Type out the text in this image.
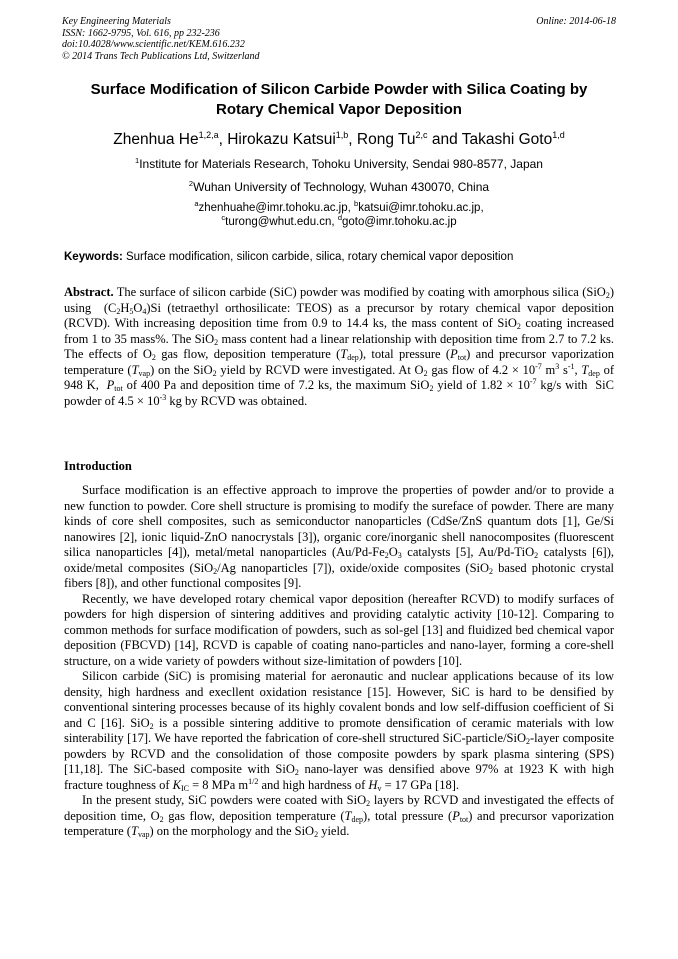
Key Engineering Materials
ISSN: 1662-9795, Vol. 616, pp 232-236
doi:10.4028/www.scientific.net/KEM.616.232
© 2014 Trans Tech Publications Ltd, Switzerland
Online: 2014-06-18
Surface Modification of Silicon Carbide Powder with Silica Coating by
Rotary Chemical Vapor Deposition
Zhenhua He$^{1,2,a}$, Hirokazu Katsui$^{1,b}$, Rong Tu$^{2,c}$ and Takashi Goto$^{1,d}$
$^1$Institute for Materials Research, Tohoku University, Sendai 980-8577, Japan
$^2$Wuhan University of Technology, Wuhan 430070, China
$^a$zhenhuahe@imr.tohoku.ac.jp, $^b$katsui@imr.tohoku.ac.jp,
$^c$turong@whut.edu.cn, $^d$goto@imr.tohoku.ac.jp
Keywords: Surface modification, silicon carbide, silica, rotary chemical vapor deposition
Abstract. The surface of silicon carbide (SiC) powder was modified by coating with amorphous silica (SiO$_2$) using  $(C_2H_5O_4)Si$ (tetraethyl orthosilicate: TEOS) as a precursor by rotary chemical vapor deposition (RCVD). With increasing deposition time from 0.9 to 14.4 ks, the mass content of SiO$_2$ coating increased from 1 to 35 mass%. The SiO$_2$ mass content had a linear relationship with deposition time from 2.7 to 7.2 ks. The effects of $O_2$ gas flow, deposition temperature $(T_{dep})$, total pressure $(P_{tot})$ and precursor vaporization temperature $(T_{vap})$ on the SiO$_2$ yield by RCVD were investigated. At $O_2$ gas flow of $4.2 \times 10^{-7}$ $m^3$ $s^{-1}$, $T_{dep}$ of 948 K,  $P_{tot}$ of 400 Pa and deposition time of 7.2 ks, the maximum SiO$_2$ yield of $1.82 \times 10^{-7}$ kg/s with  SiC powder of $4.5 \times 10^{-3}$ kg by RCVD was obtained.
Introduction

Surface modification is an effective approach to improve the properties of powder and/or to provide a new function to powder. Core shell structure is promising to modify the sureface of powder. There are many kinds of core shell composites, such as semiconductor nanoparticles (CdSe/ZnS quantum dots [1], Ge/Si nanowires [2], ionic liquid-ZnO nanocrystals [3]), organic core/inorganic shell nanocomposites (fluorescent silica nanoparticles [4]), metal/metal nanoparticles ($Au/Pd-Fe_2O_3$ catalysts [5], Au/Pd-TiO$_2$ catalysts [6]), oxide/metal composites (SiO$_2$/Ag nanoparticles [7]), oxide/oxide composites (SiO$_2$ based photonic crystal fibers [8]), and other functional composites [9].

Recently, we have developed rotary chemical vapor deposition (hereafter RCVD) to modify surfaces of powders for high dispersion of sintering additives and providing catalytic activity [10-12]. Comparing to common methods for surface modification of powders, such as sol-gel [13] and fluidized bed chemical vapor deposition (FBCVD) [14], RCVD is capable of coating nano-particles and nano-layer, forming a core-shell structure, on a wide variety of powders without size-limitation of powders [10].

Silicon carbide (SiC) is promising material for aeronautic and nuclear applications because of its low density, high hardness and execllent oxidation resistance [15]. However, SiC is hard to be densified by conventional sintering processes because of its highly covalent bonds and low self-diffusion coefficient of Si and C [16]. SiO$_2$ is a possible sintering additive to promote densification of ceramic materials with low sinterability [17]. We have reported the fabrication of core-shell structured SiC-particle/SiO$_2$-layer composite powders by RCVD and the consolidation of those composite powders by spark plasma sintering (SPS) [11,18]. The SiC-based composite with SiO$_2$ nano-layer was densified above 97% at 1923 K with high fracture toughness of $K_{IC} = 8$ MPa $m^{1/2}$ and high hardness of $H_v = 17$ GPa [18].

In the present study, SiC powders were coated with SiO$_2$ layers by RCVD and investigated the effects of deposition time, $O_2$ gas flow, deposition temperature $(T_{dep})$, total pressure $(P_{tot})$ and precursor vaporization temperature $(T_{vap})$ on the morphology and the SiO$_2$ yield.
